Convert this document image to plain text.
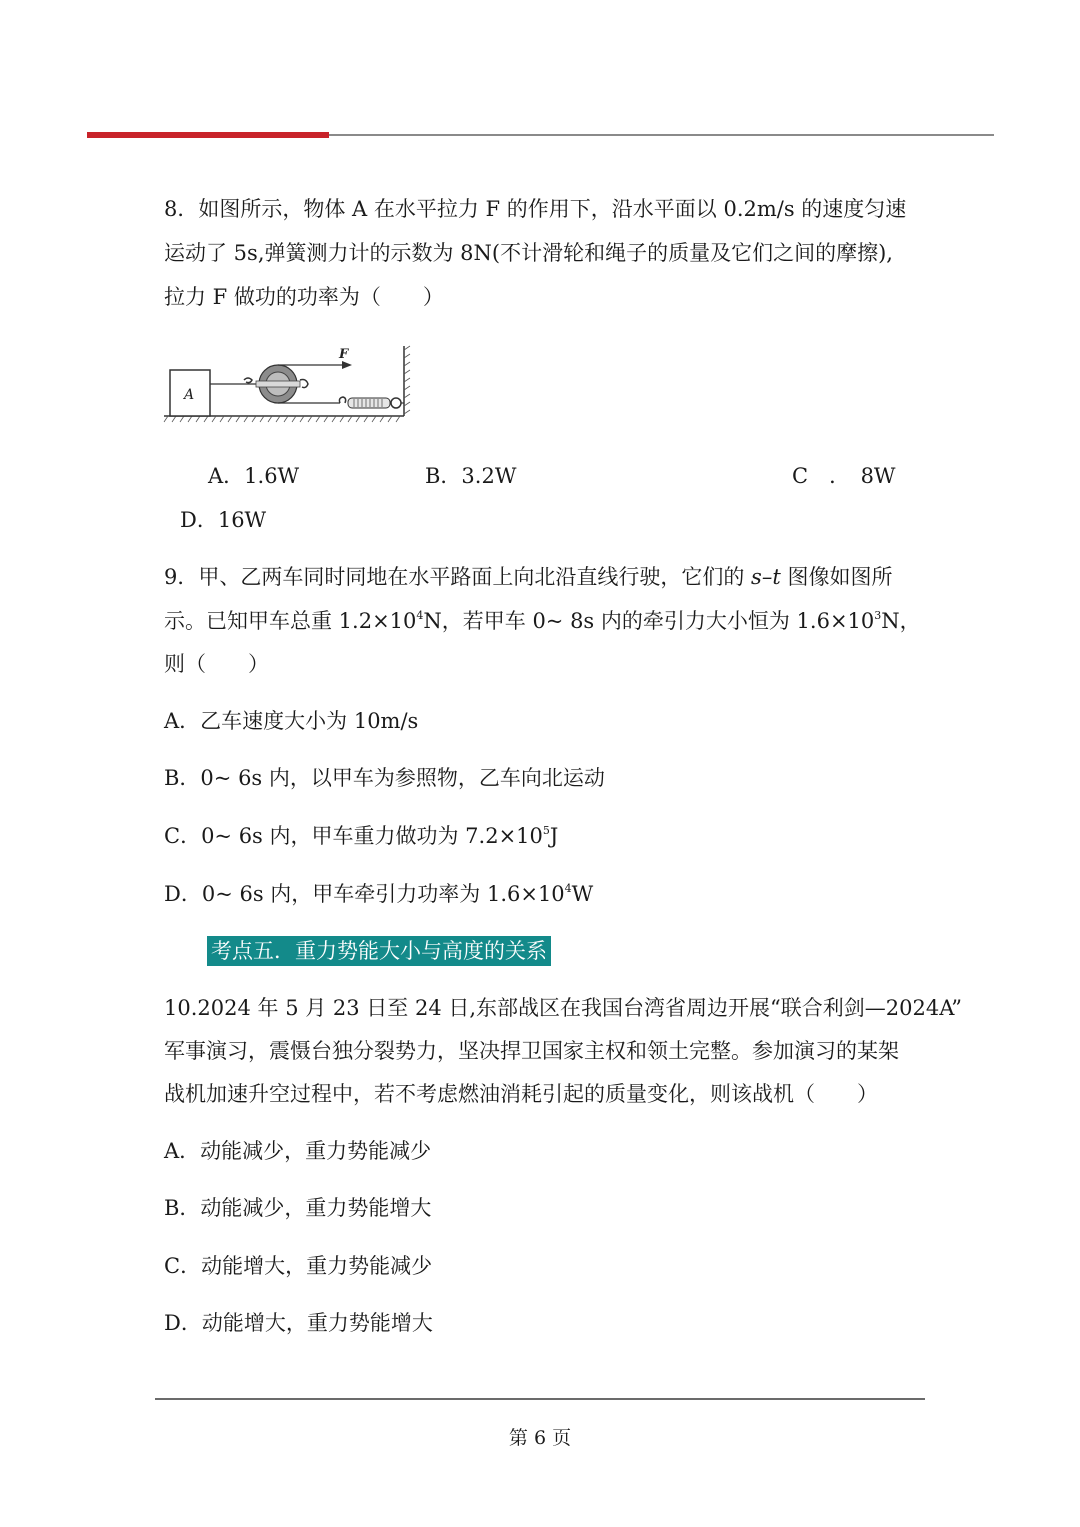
8．如图所示，物体 A 在水平拉力 F 的作用下，沿水平面以 0.2m/s 的速度匀速
运动了 5s,弹簧测力计的示数为 8N(不计滑轮和绳子的质量及它们之间的摩擦),
拉力 F 做功的功率为（　　）
A
F
A．1.6W	B．3.2W	C　．　8W
D．16W
9．甲、乙两车同时同地在水平路面上向北沿直线行驶，它们的 s–t 图像如图所
示。已知甲车总重 $1.2\times 10^4N$，若甲车 0~ 8s 内的牵引力大小恒为 $1.6\times 10^3N$，
则（　　）
A．乙车速度大小为 10m/s
B．0~ 6s 内，以甲车为参照物，乙车向北运动
C．0~ 6s 内，甲车重力做功为 $7.2\times 10^5J$
D．0~ 6s 内，甲车牵引力功率为 $1.6\times 10^4W$
考点五．重力势能大小与高度的关系
10.2024 年 5 月 23 日至 24 日,东部战区在我国台湾省周边开展“联合利剑—2024A”
军事演习，震慑台独分裂势力，坚决捍卫国家主权和领土完整。参加演习的某架
战机加速升空过程中，若不考虑燃油消耗引起的质量变化，则该战机（　　）
A．动能减少，重力势能减少
B．动能减少，重力势能增大
C．动能增大，重力势能减少
D．动能增大，重力势能增大
第 6 页
